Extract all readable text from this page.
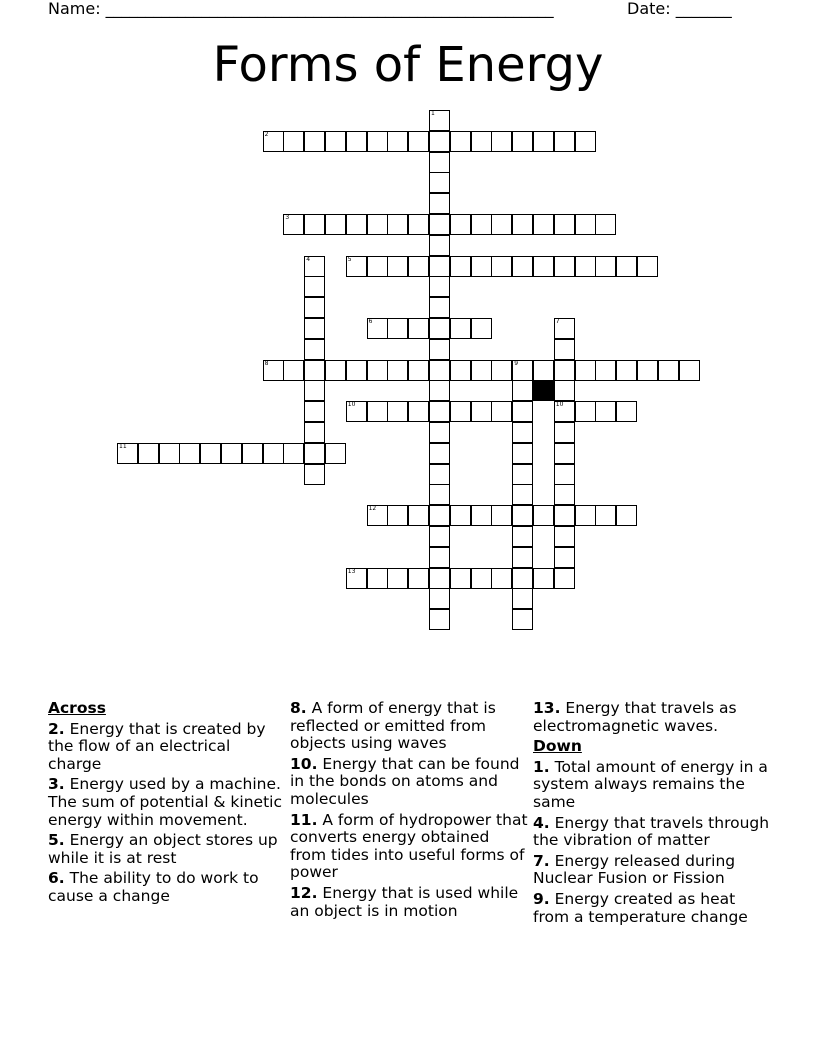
Name: ________________________________________________________	Date: _______
Forms of Energy
1
2
3
4	5
6	7
10
8	9
10
11
12
13
Across
2. Energy that is created by the flow of an electrical charge
3. Energy used by a machine. The sum of potential & kinetic energy within movement.
5. Energy an object stores up while it is at rest
6. The ability to do work to cause a change
8. A form of energy that is reflected or emitted from objects using waves
10. Energy that can be found in the bonds on atoms and molecules
11. A form of hydropower that converts energy obtained from tides into useful forms of power
12. Energy that is used while an object is in motion
13. Energy that travels as electromagnetic waves.
Down
1. Total amount of energy in a system always remains the same
4. Energy that travels through the vibration of matter
7. Energy released during Nuclear Fusion or Fission
9. Energy created as heat from a temperature change
